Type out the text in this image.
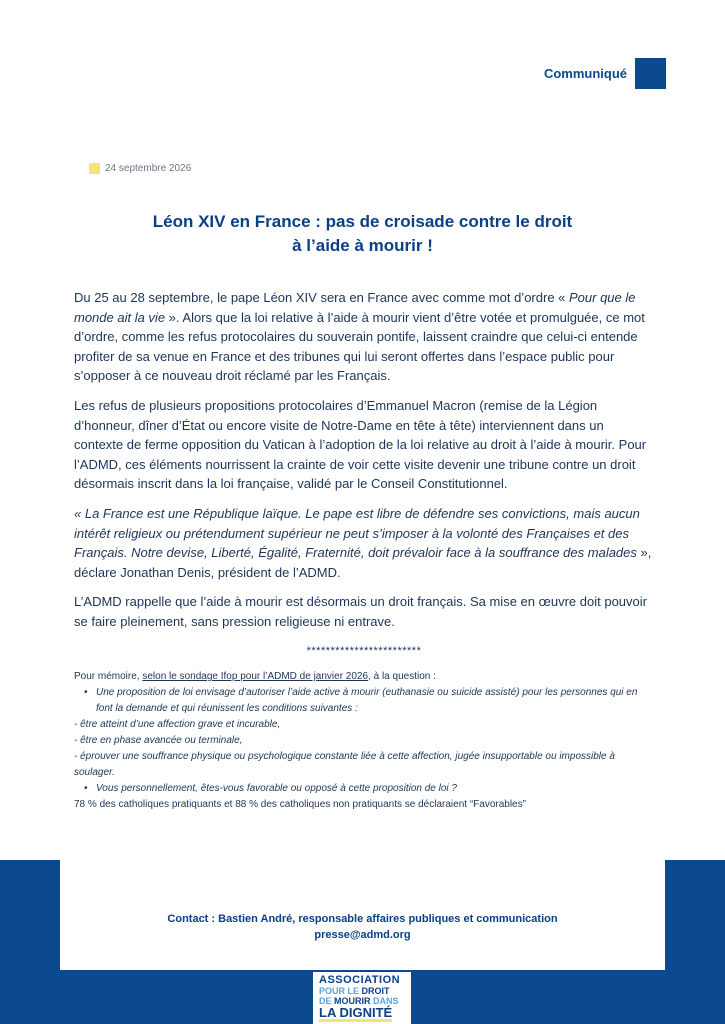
Communiqué
24 septembre 2026
Léon XIV en France : pas de croisade contre le droit
à l’aide à mourir !

Du 25 au 28 septembre, le pape Léon XIV sera en France avec comme mot d’ordre « Pour que le monde ait la vie ». Alors que la loi relative à l’aide à mourir vient d’être votée et promulguée, ce mot d’ordre, comme les refus protocolaires du souverain pontife, laissent craindre que celui-ci entende profiter de sa venue en France et des tribunes qui lui seront offertes dans l’espace public pour s’opposer à ce nouveau droit réclamé par les Français.

Les refus de plusieurs propositions protocolaires d’Emmanuel Macron (remise de la Légion d’honneur, dîner d’État ou encore visite de Notre-Dame en tête à tête) interviennent dans un contexte de ferme opposition du Vatican à l’adoption de la loi relative au droit à l’aide à mourir. Pour l’ADMD, ces éléments nourrissent la crainte de voir cette visite devenir une tribune contre un droit désormais inscrit dans la loi française, validé par le Conseil Constitutionnel.

« La France est une République laïque. Le pape est libre de défendre ses convictions, mais aucun intérêt religieux ou prétendument supérieur ne peut s’imposer à la volonté des Françaises et des Français. Notre devise, Liberté, Égalité, Fraternité, doit prévaloir face à la souffrance des malades », déclare Jonathan Denis, président de l’ADMD.

L’ADMD rappelle que l’aide à mourir est désormais un droit français. Sa mise en œuvre doit pouvoir se faire pleinement, sans pression religieuse ni entrave.

************************

Pour mémoire, selon le sondage Ifop pour l’ADMD de janvier 2026, à la question :

• Une proposition de loi envisage d’autoriser l’aide active à mourir (euthanasie ou suicide assisté) pour les personnes qui en font la demande et qui réunissent les conditions suivantes :

- être atteint d’une affection grave et incurable,

- être en phase avancée ou terminale,

- éprouver une souffrance physique ou psychologique constante liée à cette affection, jugée insupportable ou impossible à soulager.

• Vous personnellement, êtes-vous favorable ou opposé à cette proposition de loi ?

78 % des catholiques pratiquants et 88 % des catholiques non pratiquants se déclaraient “Favorables”

Contact : Bastien André, responsable affaires publiques et communication
presse@admd.org
ASSOCIATION
POUR LE DROIT
DE MOURIR DANS
LA DIGNITÉ
